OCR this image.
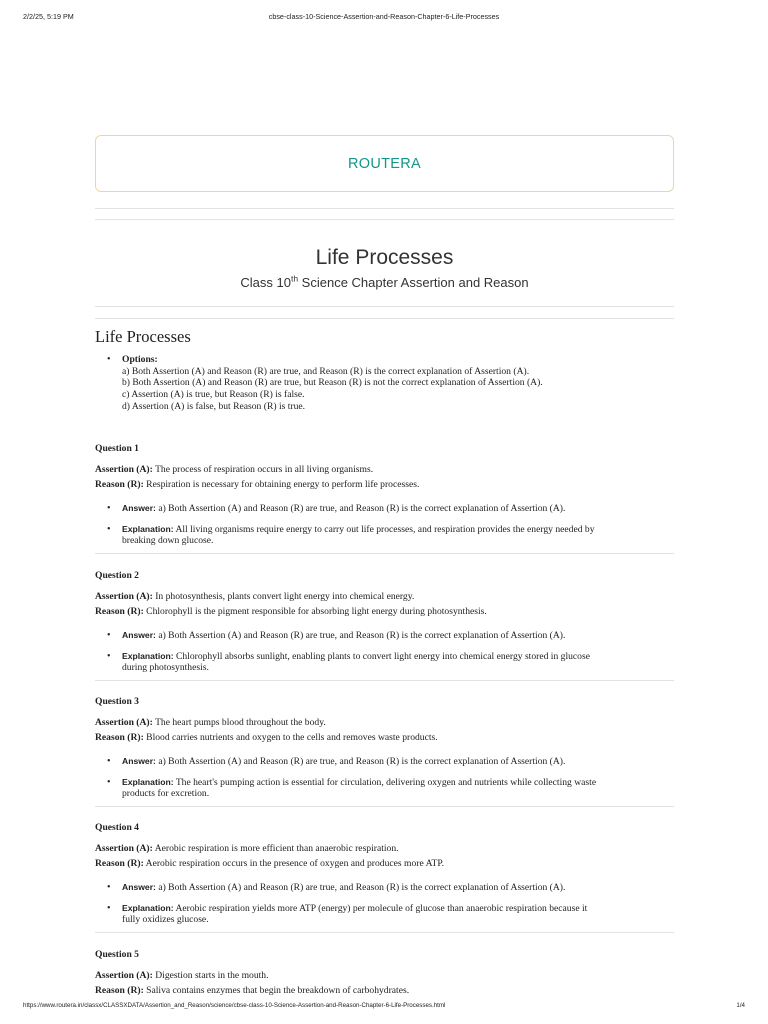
2/2/25, 5:19 PM	cbse-class-10-Science-Assertion-and-Reason-Chapter-6-Life-Processes
ROUTERA
Life Processes
Class 10th Science Chapter Assertion and Reason
Life Processes
• Options:
a) Both Assertion (A) and Reason (R) are true, and Reason (R) is the correct explanation of Assertion (A).
b) Both Assertion (A) and Reason (R) are true, but Reason (R) is not the correct explanation of Assertion (A).
c) Assertion (A) is true, but Reason (R) is false.
d) Assertion (A) is false, but Reason (R) is true.
Question 1
Assertion (A): The process of respiration occurs in all living organisms.
Reason (R): Respiration is necessary for obtaining energy to perform life processes.
• Answer: a) Both Assertion (A) and Reason (R) are true, and Reason (R) is the correct explanation of Assertion (A).
• Explanation: All living organisms require energy to carry out life processes, and respiration provides the energy needed by
breaking down glucose.
Question 2
Assertion (A): In photosynthesis, plants convert light energy into chemical energy.
Reason (R): Chlorophyll is the pigment responsible for absorbing light energy during photosynthesis.
• Answer: a) Both Assertion (A) and Reason (R) are true, and Reason (R) is the correct explanation of Assertion (A).
• Explanation: Chlorophyll absorbs sunlight, enabling plants to convert light energy into chemical energy stored in glucose
during photosynthesis.
Question 3
Assertion (A): The heart pumps blood throughout the body.
Reason (R): Blood carries nutrients and oxygen to the cells and removes waste products.
• Answer: a) Both Assertion (A) and Reason (R) are true, and Reason (R) is the correct explanation of Assertion (A).
• Explanation: The heart's pumping action is essential for circulation, delivering oxygen and nutrients while collecting waste
products for excretion.
Question 4
Assertion (A): Aerobic respiration is more efficient than anaerobic respiration.
Reason (R): Aerobic respiration occurs in the presence of oxygen and produces more ATP.
• Answer: a) Both Assertion (A) and Reason (R) are true, and Reason (R) is the correct explanation of Assertion (A).
• Explanation: Aerobic respiration yields more ATP (energy) per molecule of glucose than anaerobic respiration because it
fully oxidizes glucose.
Question 5
Assertion (A): Digestion starts in the mouth.
Reason (R): Saliva contains enzymes that begin the breakdown of carbohydrates.
https://www.routera.in/classx/CLASSXDATA/Assertion_and_Reason/science/cbse-class-10-Science-Assertion-and-Reason-Chapter-6-Life-Processes.html	1/4
